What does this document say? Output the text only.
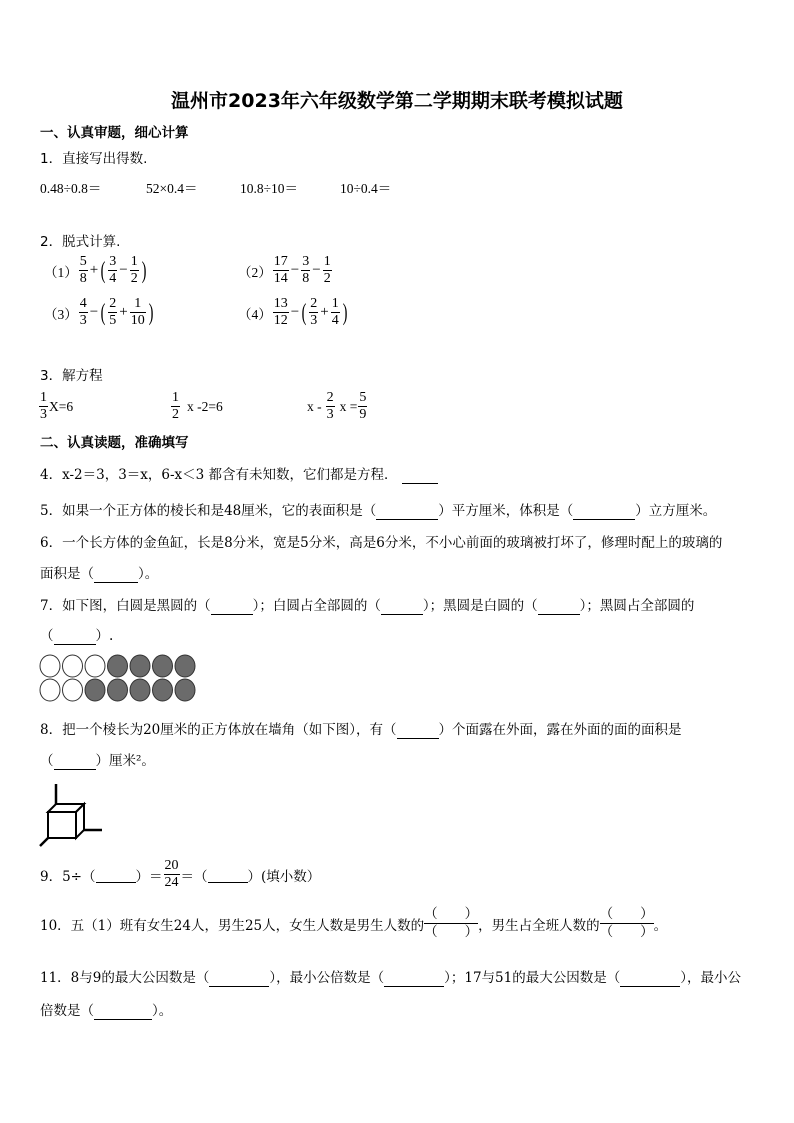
温州市2023年六年级数学第二学期期末联考模拟试题
一、认真审题，细心计算
1．直接写出得数.
0.48÷0.8＝	52×0.4＝	10.8÷10＝	10÷0.4＝
2．脱式计算.
$(1) \frac{5}{8}$ + ( $\frac{3}{4} - \frac{1}{2}$ )	$(2) \frac{17}{14} - \frac{3}{8} - \frac{1}{2}$
$(3) \frac{4}{3}$ − ( $\frac{2}{5} + \frac{1}{10}$ )	$(4) \frac{13}{12}$ − ( $\frac{2}{3} + \frac{1}{4}$ )
3．解方程
$\frac{1}{3} X=6$	$\frac{1}{2}$ x -2=6	x - $\frac{2}{3}$ $x = \frac{5}{9}$
二、认真读题，准确填写
4．x-2＝3，3＝x，6-x＜3 都含有未知数，它们都是方程．
5．如果一个正方体的棱长和是48厘米，它的表面积是（	）平方厘米，体积是（	）立方厘米。
6．一个长方体的金鱼缸，长是8分米，宽是5分米，高是6分米，不小心前面的玻璃被打坏了，修理时配上的玻璃的
面积是（	）。
7．如下图，白圆是黑圆的（	）；白圆占全部圆的（	）；黑圆是白圆的（	）；黑圆占全部圆的
（	）.
8．把一个棱长为20厘米的正方体放在墙角（如下图），有（	）个面露在外面，露在外面的面的面积是
（	）厘米²。
9．5÷（
	）＝ $\frac{20}{24}$ ＝（
	）(填小数）
10．五（1）班有女生24人，男生25人，女生人数是男生人数的
（　　）
（　　） ，男生占全班人数的
（　　）
（　　） 。
11．8与9的最大公因数是（	），最小公倍数是（	）；17与51的最大公因数是（	），最小公
倍数是（	）。
